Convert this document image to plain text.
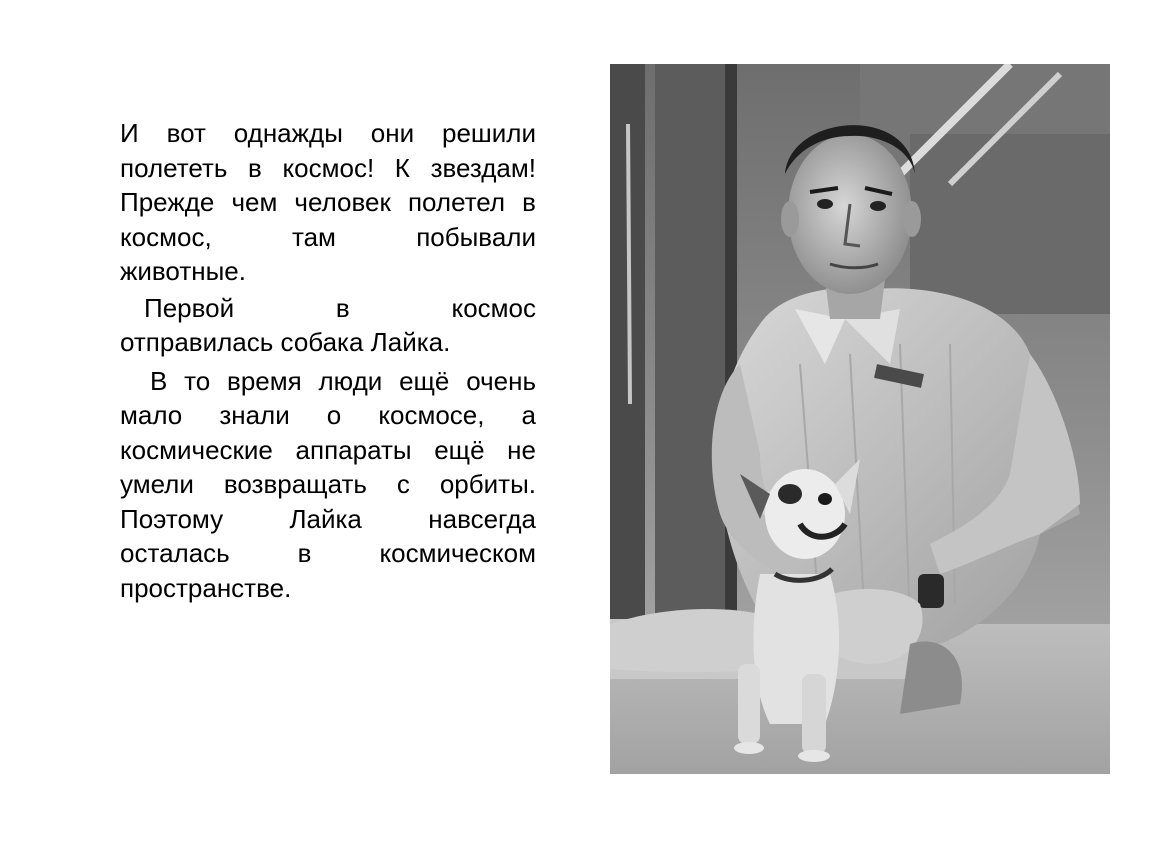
И вот однажды они решили
полететь в космос! К звездам!
Прежде чем человек полетел в
космос, там побывали
животные.

Первой в космос
отправилась собака Лайка.

В то время люди ещё очень
мало знали о космосе, а
космические аппараты ещё не
умели возвращать с орбиты.
Поэтому Лайка навсегда
осталась в космическом
пространстве.
